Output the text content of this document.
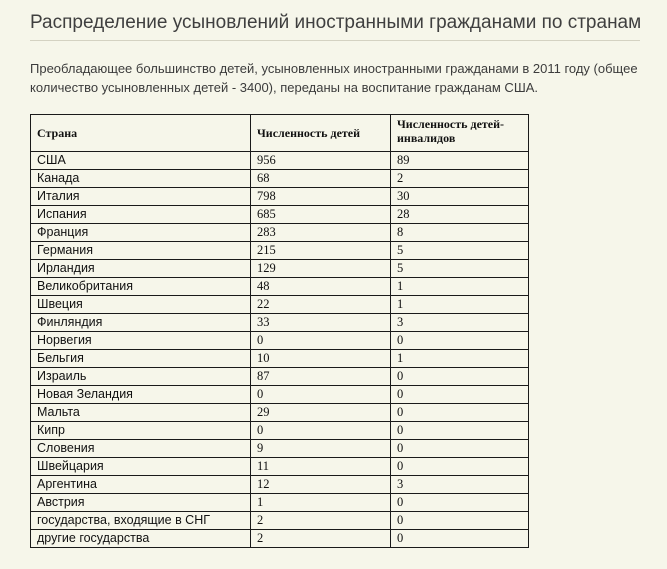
Распределение усыновлений иностранными гражданами по странам

Преобладающее большинство детей, усыновленных иностранными гражданами в 2011 году (общее количество усыновленных детей - 3400), переданы на воспитание гражданам США.

Страна	Численность детей	Численность детей-инвалидов
США	956	89
Канада	68	2
Италия	798	30
Испания	685	28
Франция	283	8
Германия	215	5
Ирландия	129	5
Великобритания	48	1
Швеция	22	1
Финляндия	33	3
Норвегия	0	0
Бельгия	10	1
Израиль	87	0
Новая Зеландия	0	0
Мальта	29	0
Кипр	0	0
Словения	9	0
Швейцария	11	0
Аргентина	12	3
Австрия	1	0
государства, входящие в СНГ	2	0
другие государства	2	0
